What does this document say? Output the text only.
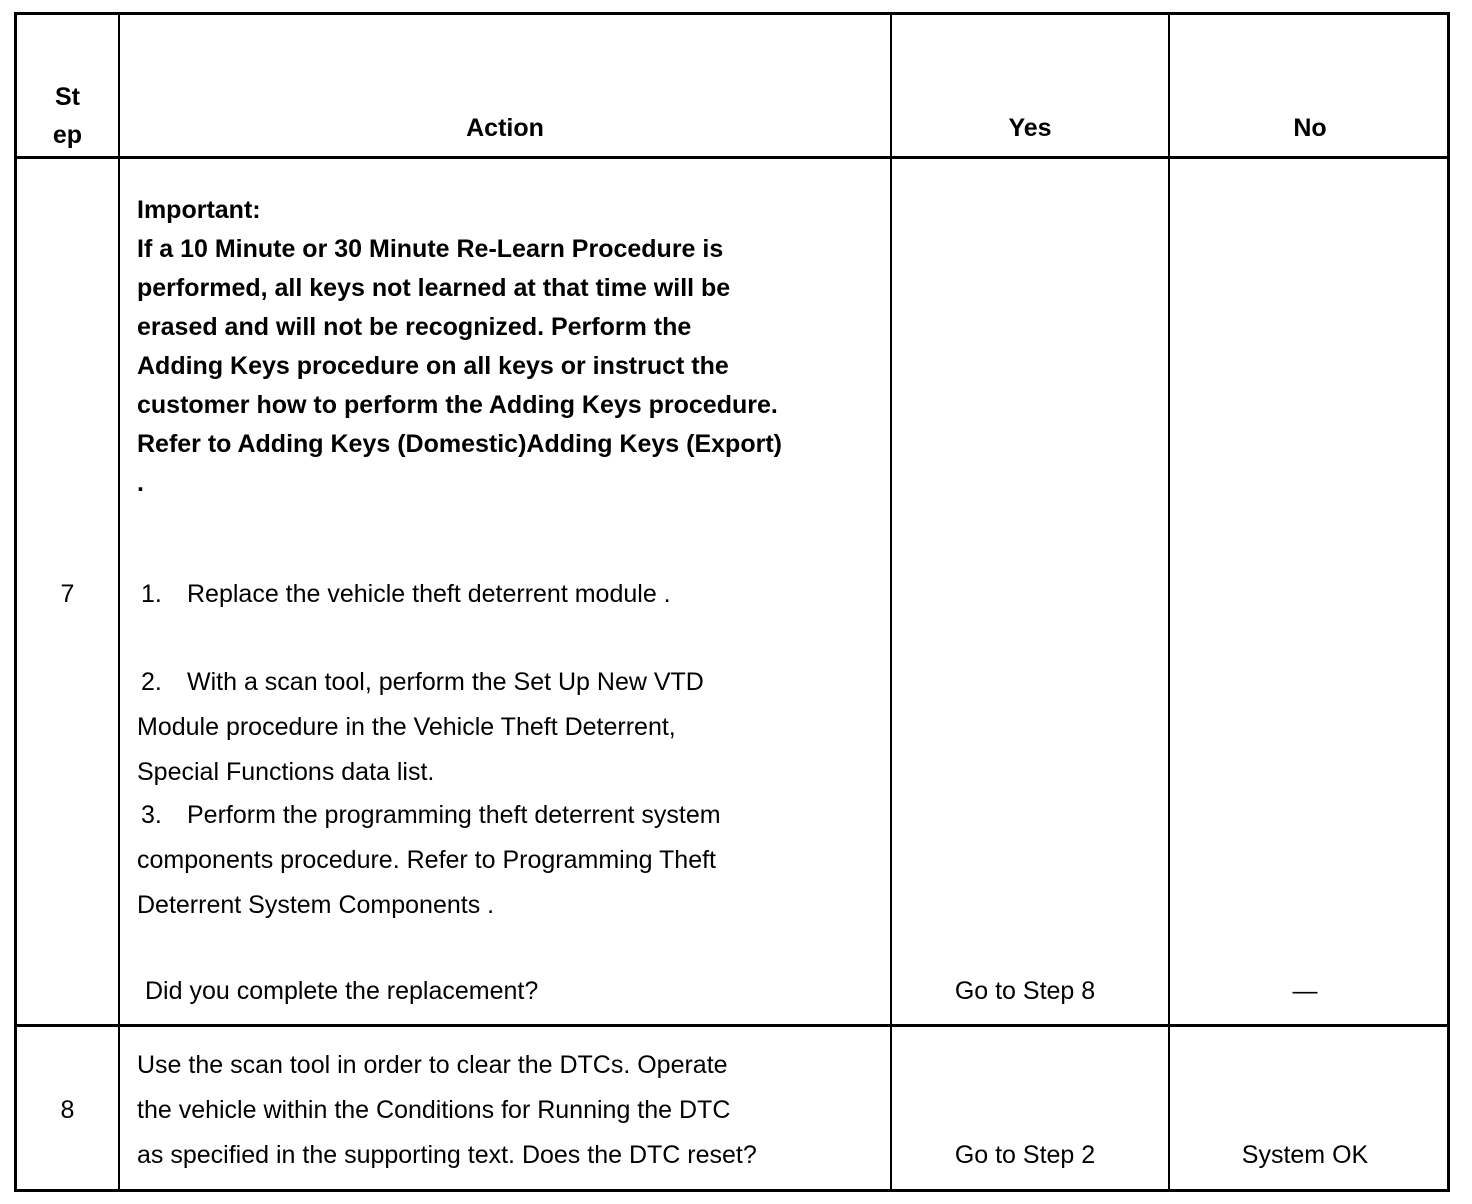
St
ep	Action	Yes	No
7
Important:
If a 10 Minute or 30 Minute Re-Learn Procedure is
performed, all keys not learned at that time will be
erased and will not be recognized. Perform the
Adding Keys procedure on all keys or instruct the
customer how to perform the Adding Keys procedure.
Refer to Adding Keys (Domestic)Adding Keys (Export)
.
1. Replace the vehicle theft deterrent module .
2. With a scan tool, perform the Set Up New VTD
Module procedure in the Vehicle Theft Deterrent,
Special Functions data list.
3. Perform the programming theft deterrent system
components procedure. Refer to Programming Theft
Deterrent System Components .
Did you complete the replacement?	Go to Step 8	—
8
Use the scan tool in order to clear the DTCs. Operate
the vehicle within the Conditions for Running the DTC
as specified in the supporting text. Does the DTC reset?	Go to Step 2	System OK
